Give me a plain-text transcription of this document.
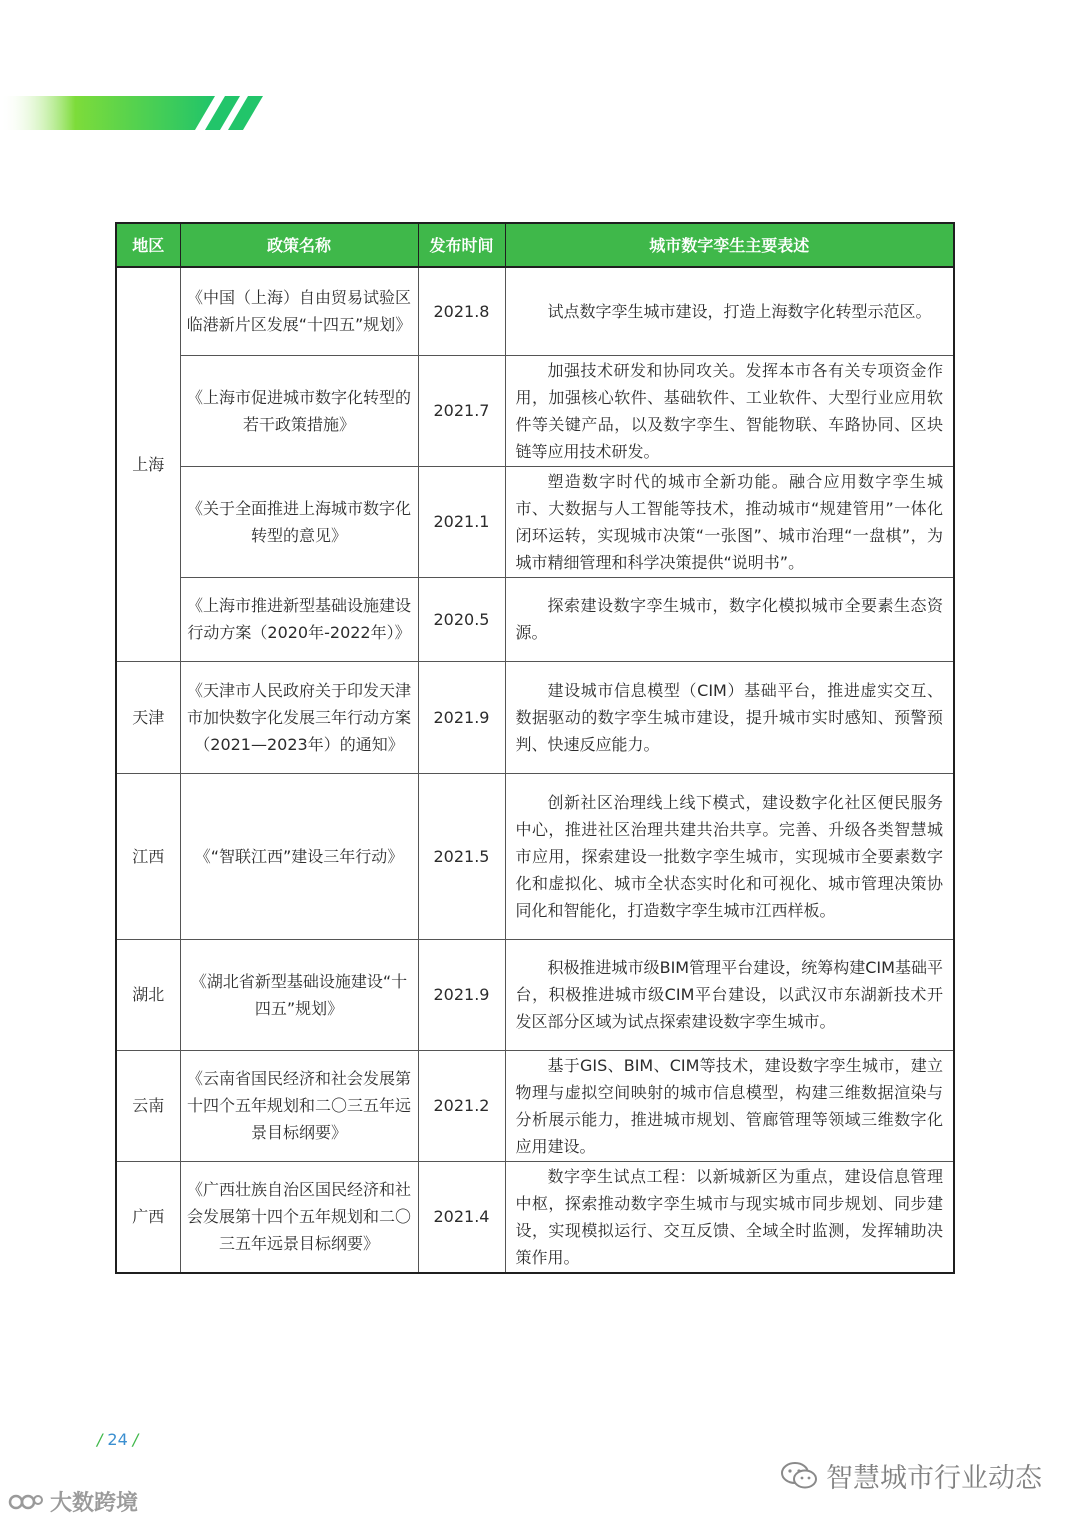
地区	政策名称	发布时间	城市数字孪生主要表述
上海	《中国（上海）自由贸易试验区临港新片区发展“十四五”规划》	2021.8	试点数字孪生城市建设，打造上海数字化转型示范区。
	《上海市促进城市数字化转型的若干政策措施》	2021.7	加强技术研发和协同攻关。发挥本市各有关专项资金作用，加强核心软件、基础软件、工业软件、大型行业应用软件等关键产品，以及数字孪生、智能物联、车路协同、区块链等应用技术研发。
	《关于全面推进上海城市数字化转型的意见》	2021.1	塑造数字时代的城市全新功能。融合应用数字孪生城市、大数据与人工智能等技术，推动城市“规建管用”一体化闭环运转，实现城市决策“一张图”、城市治理“一盘棋”，为城市精细管理和科学决策提供“说明书”。
	《上海市推进新型基础设施建设行动方案（2020年-2022年）》	2020.5	探索建设数字孪生城市，数字化模拟城市全要素生态资源。
天津	《天津市人民政府关于印发天津市加快数字化发展三年行动方案（2021—2023年）的通知》	2021.9	建设城市信息模型（CIM）基础平台，推进虚实交互、数据驱动的数字孪生城市建设，提升城市实时感知、预警预判、快速反应能力。
江西	《“智联江西”建设三年行动》	2021.5	创新社区治理线上线下模式，建设数字化社区便民服务中心，推进社区治理共建共治共享。完善、升级各类智慧城市应用，探索建设一批数字孪生城市，实现城市全要素数字化和虚拟化、城市全状态实时化和可视化、城市管理决策协同化和智能化，打造数字孪生城市江西样板。
湖北	《湖北省新型基础设施建设“十四五”规划》	2021.9	积极推进城市级BIM管理平台建设，统筹构建CIM基础平台，积极推进城市级CIM平台建设，以武汉市东湖新技术开发区部分区域为试点探索建设数字孪生城市。
云南	《云南省国民经济和社会发展第十四个五年规划和二〇三五年远景目标纲要》	2021.2	基于GIS、BIM、CIM等技术，建设数字孪生城市，建立物理与虚拟空间映射的城市信息模型，构建三维数据渲染与分析展示能力，推进城市规划、管廊管理等领域三维数字化应用建设。
广西	《广西壮族自治区国民经济和社会发展第十四个五年规划和二〇三五年远景目标纲要》	2021.4	数字孪生试点工程：以新城新区为重点，建设信息管理中枢，探索推动数字孪生城市与现实城市同步规划、同步建设，实现模拟运行、交互反馈、全域全时监测，发挥辅助决策作用。
/ 24 /
大数跨境
智慧城市行业动态
